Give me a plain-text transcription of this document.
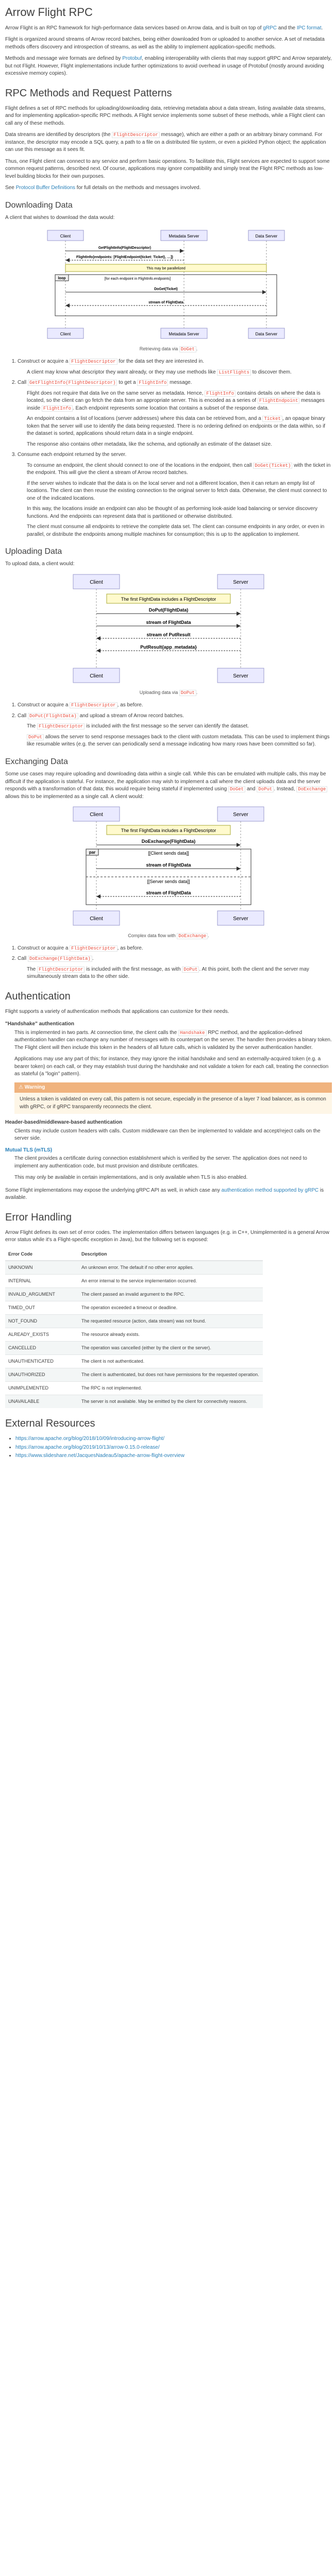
Arrow Flight RPC

Arrow Flight is an RPC framework for high-performance data services based on Arrow data, and is built on top of gRPC and the IPC format.

Flight is organized around streams of Arrow record batches, being either downloaded from or uploaded to another service. A set of metadata methods offers discovery and introspection of streams, as well as the ability to implement application-specific methods.

Methods and message wire formats are defined by Protobuf, enabling interoperability with clients that may support gRPC and Arrow separately, but not Flight. However, Flight implementations include further optimizations to avoid overhead in usage of Protobuf (mostly around avoiding excessive memory copies).

RPC Methods and Request Patterns

Flight defines a set of RPC methods for uploading/downloading data, retrieving metadata about a data stream, listing available data streams, and for implementing application-specific RPC methods. A Flight service implements some subset of these methods, while a Flight client can call any of these methods.

Data streams are identified by descriptors (the FlightDescriptor message), which are either a path or an arbitrary binary command. For instance, the descriptor may encode a SQL query, a path to a file on a distributed file system, or even a pickled Python object; the application can use this message as it sees fit.

Thus, one Flight client can connect to any service and perform basic operations. To facilitate this, Flight services are expected to support some common request patterns, described next. Of course, applications may ignore compatibility and simply treat the Flight RPC methods as low-level building blocks for their own purposes.

See Protocol Buffer Definitions for full details on the methods and messages involved.

Downloading Data

A client that wishes to download the data would:

Client	Metadata Server	Data Server
GetFlightInfo(FlightDescriptor)
FlightInfo{endpoints: [FlightEndpoint{ticket: Ticket}, …]}
This may be parallelized
loop	[for each endpoint in FlightInfo.endpoints]
DoGet(Ticket)
stream of FlightData
Client	Metadata Server	Data Server
Retrieving data via DoGet .

1. Construct or acquire a FlightDescriptor for the data set they are interested in.

A client may know what descriptor they want already, or they may use methods like ListFlights to discover them.

2. Call GetFlightInfo(FlightDescriptor) to get a FlightInfo message.

Flight does not require that data live on the same server as metadata. Hence, FlightInfo contains details on where the data is located, so the client can go fetch the data from an appropriate server. This is encoded as a series of FlightEndpoint messages inside FlightInfo . Each endpoint represents some location that contains a subset of the response data.

An endpoint contains a list of locations (server addresses) where this data can be retrieved from, and a Ticket , an opaque binary token that the server will use to identify the data being requested. There is no ordering defined on endpoints or the data within, so if the dataset is sorted, applications should return data in a single endpoint.

The response also contains other metadata, like the schema, and optionally an estimate of the dataset size.

3. Consume each endpoint returned by the server.

To consume an endpoint, the client should connect to one of the locations in the endpoint, then call DoGet(Ticket) with the ticket in the endpoint. This will give the client a stream of Arrow record batches.

If the server wishes to indicate that the data is on the local server and not a different location, then it can return an empty list of locations. The client can then reuse the existing connection to the original server to fetch data. Otherwise, the client must connect to one of the indicated locations.

In this way, the locations inside an endpoint can also be thought of as performing look-aside load balancing or service discovery functions. And the endpoints can represent data that is partitioned or otherwise distributed.

The client must consume all endpoints to retrieve the complete data set. The client can consume endpoints in any order, or even in parallel, or distribute the endpoints among multiple machines for consumption; this is up to the application to implement.

Uploading Data

To upload data, a client would:

Client	Server
The first FlightData includes a FlightDescriptor
DoPut(FlightData)
stream of FlightData
stream of PutResult
PutResult{app_metadata}
Client	Server
Uploading data via DoPut .

1. Construct or acquire a FlightDescriptor , as before.

2. Call DoPut(FlightData) and upload a stream of Arrow record batches.

The FlightDescriptor is included with the first message so the server can identify the dataset.

DoPut allows the server to send response messages back to the client with custom metadata. This can be used to implement things like resumable writes (e.g. the server can periodically send a message indicating how many rows have been committed so far).

Exchanging Data

Some use cases may require uploading and downloading data within a single call. While this can be emulated with multiple calls, this may be difficult if the application is stateful. For instance, the application may wish to implement a call where the client uploads data and the server responds with a transformation of that data; this would require being stateful if implemented using DoGet and DoPut . Instead, DoExchange allows this to be implemented as a single call. A client would:

Client	Server
The first FlightData includes a FlightDescriptor
DoExchange(FlightData)
par	[[Client sends data]]
[[Server sends data]]
stream of FlightData
stream of FlightData
Client	Server
Complex data flow with DoExchange .

1. Construct or acquire a FlightDescriptor , as before.

2. Call DoExchange(FlightData) .

The FlightDescriptor is included with the first message, as with DoPut . At this point, both the client and the server may simultaneously stream data to the other side.

Authentication

Flight supports a variety of authentication methods that applications can customize for their needs.

"Handshake" authentication

This is implemented in two parts. At connection time, the client calls the Handshake RPC method, and the application-defined authentication handler can exchange any number of messages with its counterpart on the server. The handler then provides a binary token. The Flight client will then include this token in the headers of all future calls, which is validated by the server authentication handler.

Applications may use any part of this; for instance, they may ignore the initial handshake and send an externally-acquired token (e.g. a bearer token) on each call, or they may establish trust during the handshake and not validate a token for each call, treating the connection as stateful (a "login" pattern).

⚠ Warning
Unless a token is validated on every call, this pattern is not secure, especially in the presence of a layer 7 load balancer, as is common with gRPC, or if gRPC transparently reconnects the client.
Header-based/middleware-based authentication
Clients may include custom headers with calls. Custom middleware can then be implemented to validate and accept/reject calls on the server side.
Mutual TLS (mTLS)

The client provides a certificate during connection establishment which is verified by the server. The application does not need to implement any authentication code, but must provision and distribute certificates.

This may only be available in certain implementations, and is only available when TLS is also enabled.

Some Flight implementations may expose the underlying gRPC API as well, in which case any authentication method supported by gRPC is available.

Error Handling

Arrow Flight defines its own set of error codes. The implementation differs between languages (e.g. in C++, Unimplemented is a general Arrow error status while it's a Flight-specific exception in Java), but the following set is exposed:

Error Code	Description
UNKNOWN	An unknown error. The default if no other error applies.
INTERNAL	An error internal to the service implementation occurred.
INVALID_ARGUMENT	The client passed an invalid argument to the RPC.
TIMED_OUT	The operation exceeded a timeout or deadline.
NOT_FOUND	The requested resource (action, data stream) was not found.
ALREADY_EXISTS	The resource already exists.
CANCELLED	The operation was cancelled (either by the client or the server).
UNAUTHENTICATED	The client is not authenticated.
UNAUTHORIZED	The client is authenticated, but does not have permissions for the requested operation.
UNIMPLEMENTED	The RPC is not implemented.
UNAVAILABLE	The server is not available. May be emitted by the client for connectivity reasons.
External Resources
• https://arrow.apache.org/blog/2018/10/09/introducing-arrow-flight/
• https://arrow.apache.org/blog/2019/10/13/arrow-0.15.0-release/
• https://www.slideshare.net/JacquesNadeau5/apache-arrow-flight-overview
